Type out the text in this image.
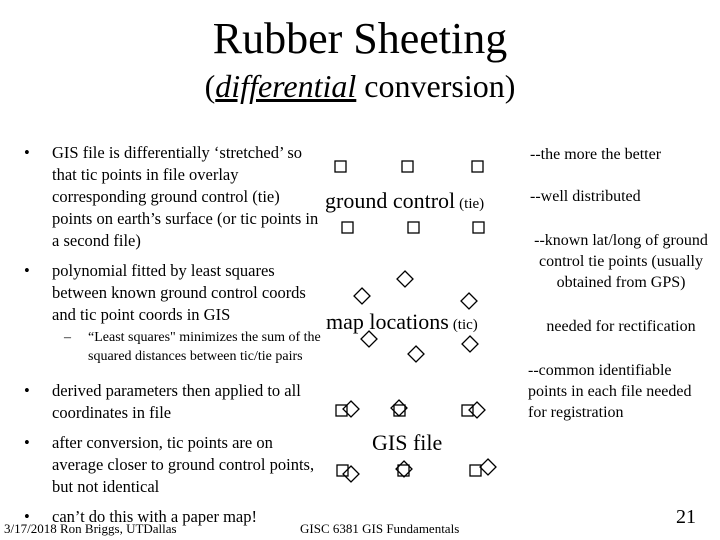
Rubber Sheeting
(differential conversion)
• GIS file is differentially ‘stretched’ so that tic points in file overlay corresponding ground control (tie) points on earth’s surface (or tic points in a second file)
• polynomial fitted by least squares between known ground control coords and tic point coords in GIS
– “Least squares" minimizes the sum of the squared distances between tic/tie pairs
• derived parameters then applied to all coordinates in file
• after conversion, tic points are on average closer to ground control points, but not identical
• can’t do this with a paper map!
ground control (tie)
map locations (tic)
GIS file
--the more the better
--well distributed
--known lat/long of ground control tie points (usually obtained from GPS)
needed for rectification
--common identifiable points in each file needed for registration
3/17/2018 Ron Briggs, UTDallas	GISC 6381 GIS Fundamentals
21
